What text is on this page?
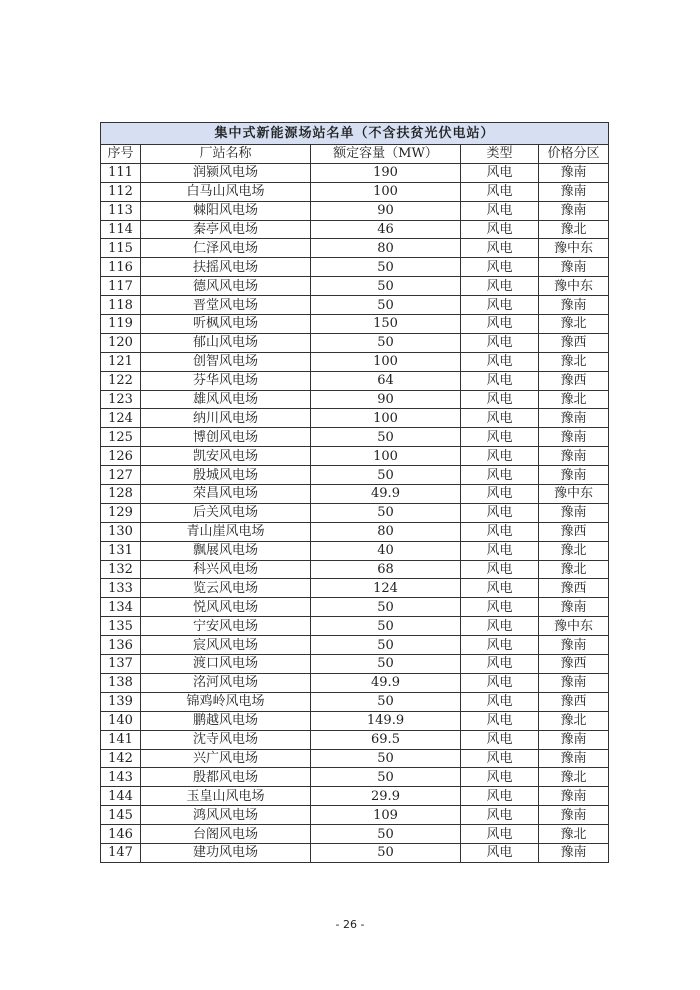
集中式新能源场站名单（不含扶贫光伏电站）				
序号	厂站名称	额定容量（MW）	类型	价格分区
111	润颍风电场	190	风电	豫南
112	白马山风电场	100	风电	豫南
113	棘阳风电场	90	风电	豫南
114	秦亭风电场	46	风电	豫北
115	仁泽风电场	80	风电	豫中东
116	扶摇风电场	50	风电	豫南
117	德风风电场	50	风电	豫中东
118	晋堂风电场	50	风电	豫南
119	听枫风电场	150	风电	豫北
120	郁山风电场	50	风电	豫西
121	创智风电场	100	风电	豫北
122	芬华风电场	64	风电	豫西
123	雄风风电场	90	风电	豫北
124	纳川风电场	100	风电	豫南
125	博创风电场	50	风电	豫南
126	凯安风电场	100	风电	豫南
127	殷城风电场	50	风电	豫南
128	荣昌风电场	49.9	风电	豫中东
129	后关风电场	50	风电	豫南
130	青山崖风电场	80	风电	豫西
131	飘展风电场	40	风电	豫北
132	科兴风电场	68	风电	豫北
133	览云风电场	124	风电	豫西
134	悦风风电场	50	风电	豫南
135	宁安风电场	50	风电	豫中东
136	宸风风电场	50	风电	豫南
137	渡口风电场	50	风电	豫西
138	洺河风电场	49.9	风电	豫南
139	锦鸡岭风电场	50	风电	豫西
140	鹏越风电场	149.9	风电	豫北
141	沈寺风电场	69.5	风电	豫南
142	兴广风电场	50	风电	豫南
143	殷都风电场	50	风电	豫北
144	玉皇山风电场	29.9	风电	豫南
145	鸿风风电场	109	风电	豫南
146	台阁风电场	50	风电	豫北
147	建功风电场	50	风电	豫南
- 26 -
